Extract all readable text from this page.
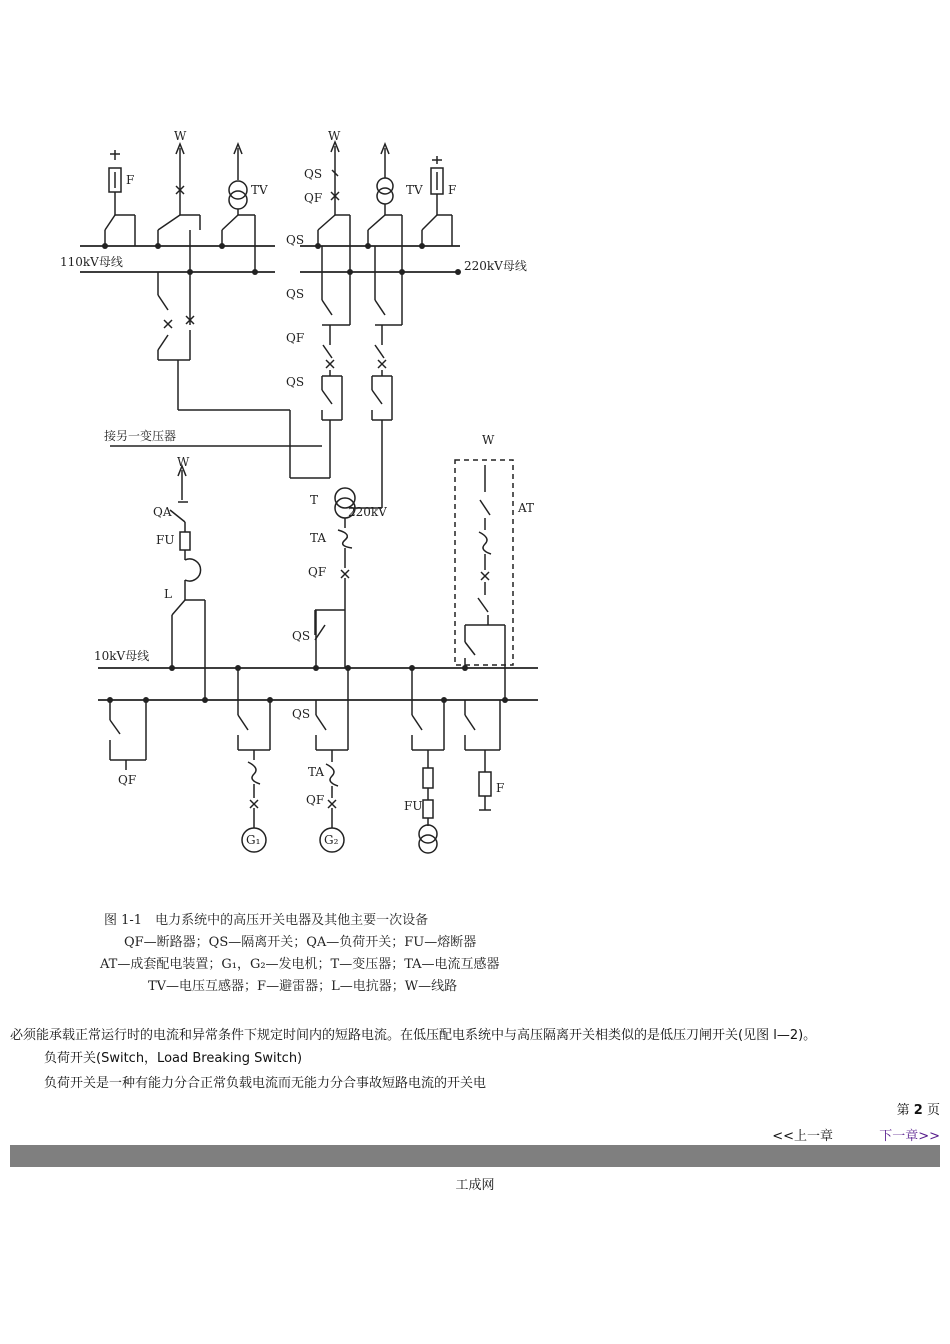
W
F
TV
110kV母线
W
QS
QF
TV F
QS
220kV母线
QS
QF
QS
接另一变压器	W
AT
W
QA
FU
L
T
220kV
TA
QF
QS
10kV母线
QS
QF
TA
QF	FU
F
G₁	G₂
图 1-1　电力系统中的高压开关电器及其他主要一次设备
QF—断路器；QS—隔离开关；QA—负荷开关；FU—熔断器
AT—成套配电装置；G₁，G₂—发电机；T—变压器；TA—电流互感器
TV—电压互感器；F—避雷器；L—电抗器；W—线路
必须能承载正常运行时的电流和异常条件下规定时间内的短路电流。在低压配电系统中与高压隔离开关相类似的是低压刀闸开关(见图 l—2)。
负荷开关(Switch，Load Breaking Switch)
负荷开关是一种有能力分合正常负载电流而无能力分合事故短路电流的开关电
第 2 页
<<上一章	下一章>>
工成网
